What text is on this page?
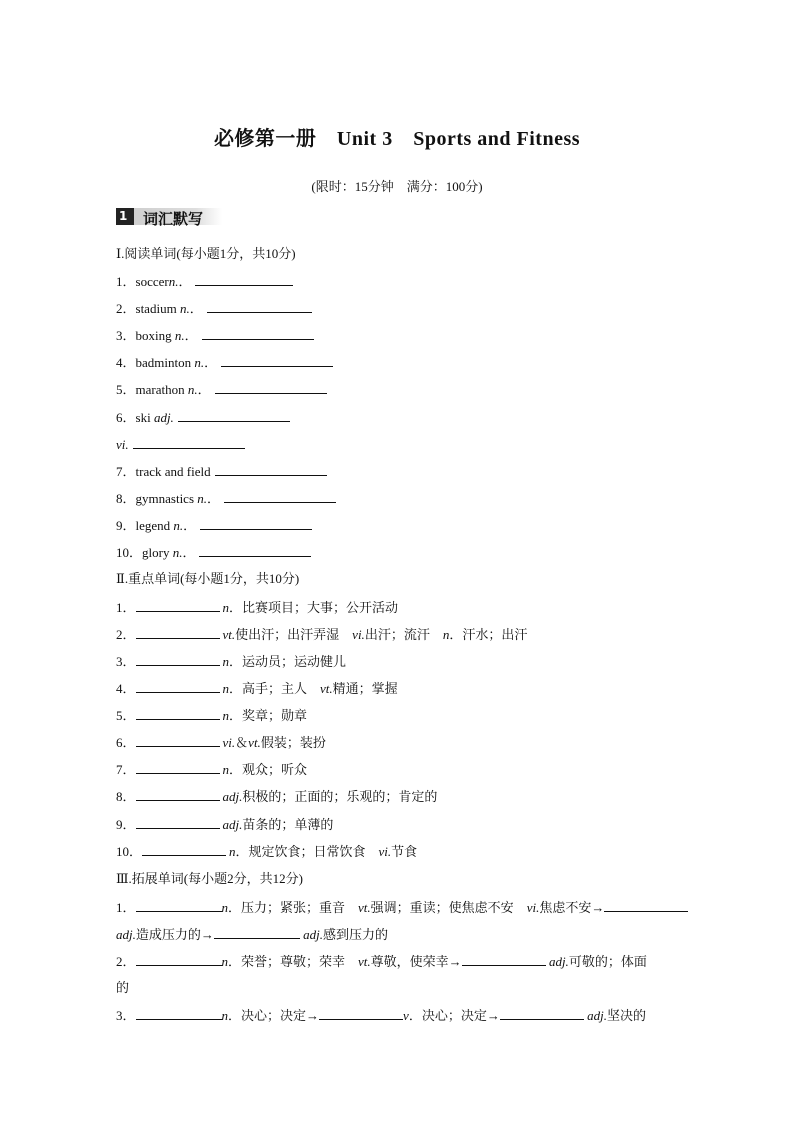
必修第一册　Unit 3　Sports and Fitness
(限时：15分钟　满分：100分)
1 词汇默写
Ⅰ.阅读单词(每小题1分，共10分)
1．soccern.．
2．stadium n.．
3．boxing n.．
4．badminton n.．
5．marathon n.．
6．ski adj.
vi.
7．track and field
8．gymnastics n.．
9．legend n.．
10．glory n.．
Ⅱ.重点单词(每小题1分，共10分)
1．	n．比赛项目；大事；公开活动
2．	vt.使出汗；出汗弄湿　vi.出汗；流汗　n．汗水；出汗
3．	n．运动员；运动健儿
4．	n．高手；主人　vt.精通；掌握
5．	n．奖章；勋章
6．	vi.＆vt.假装；装扮
7．	n．观众；听众
8．	adj.积极的；正面的；乐观的；肯定的
9．	adj.苗条的；单薄的
10．	n．规定饮食；日常饮食　vi.节食
Ⅲ.拓展单词(每小题2分，共12分)
1．	n．压力；紧张；重音　vt.强调；重读；使焦虑不安　vi.焦虑不安→
adj.造成压力的→	adj.感到压力的
2．	n．荣誉；尊敬；荣幸　vt.尊敬，使荣幸→	adj.可敬的；体面
的
3．	n．决心；决定→	v．决心；决定→	adj.坚决的
